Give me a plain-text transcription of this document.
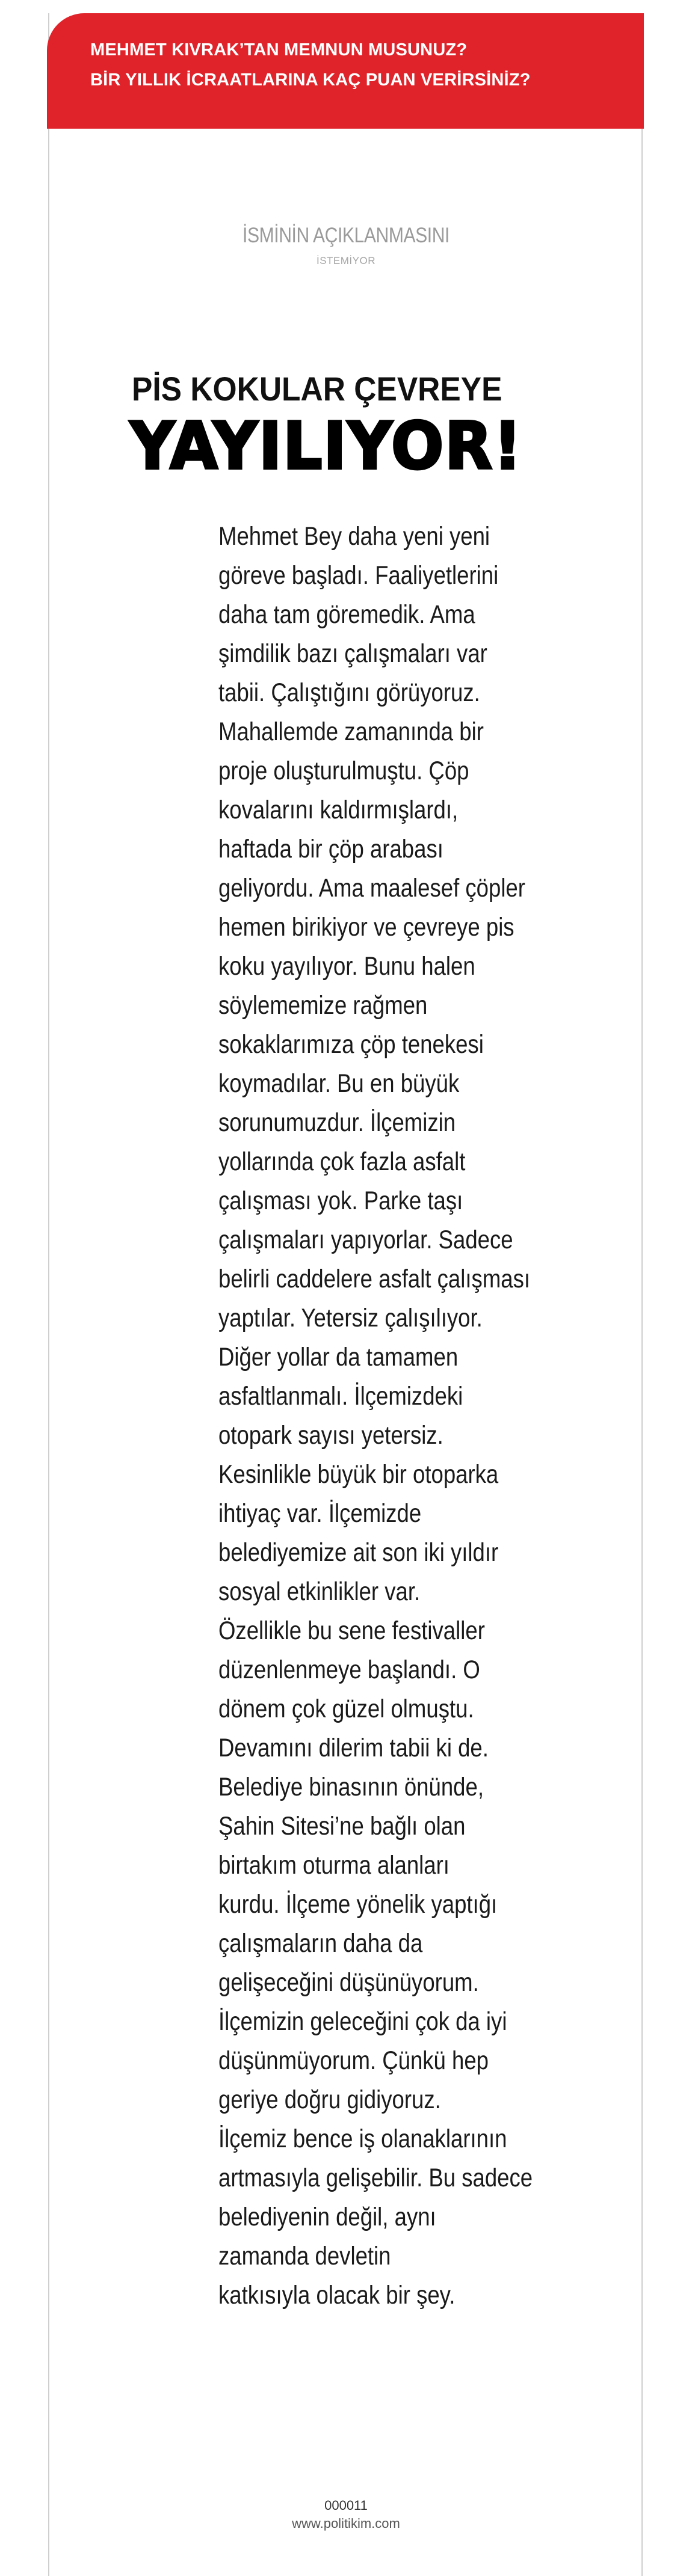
MEHMET KIVRAK’TAN MEMNUN MUSUNUZ?
BİR YILLIK İCRAATLARINA KAÇ PUAN VERİRSİNİZ?
İSMİNİN AÇIKLANMASINI
İSTEMİYOR
PİS KOKULAR ÇEVREYE
YAYILIYOR!
Mehmet Bey daha yeni yeni
göreve başladı. Faaliyetlerini
daha tam göremedik. Ama
şimdilik bazı çalışmaları var
tabii. Çalıştığını görüyoruz.
Mahallemde zamanında bir
proje oluşturulmuştu. Çöp
kovalarını kaldırmışlardı,
haftada bir çöp arabası
geliyordu. Ama maalesef çöpler
hemen birikiyor ve çevreye pis
koku yayılıyor. Bunu halen
söylememize rağmen
sokaklarımıza çöp tenekesi
koymadılar. Bu en büyük
sorunumuzdur. İlçemizin
yollarında çok fazla asfalt
çalışması yok. Parke taşı
çalışmaları yapıyorlar. Sadece
belirli caddelere asfalt çalışması
yaptılar. Yetersiz çalışılıyor.
Diğer yollar da tamamen
asfaltlanmalı. İlçemizdeki
otopark sayısı yetersiz.
Kesinlikle büyük bir otoparka
ihtiyaç var. İlçemizde
belediyemize ait son iki yıldır
sosyal etkinlikler var.
Özellikle bu sene festivaller
düzenlenmeye başlandı. O
dönem çok güzel olmuştu.
Devamını dilerim tabii ki de.
Belediye binasının önünde,
Şahin Sitesi’ne bağlı olan
birtakım oturma alanları
kurdu. İlçeme yönelik yaptığı
çalışmaların daha da
gelişeceğini düşünüyorum.
İlçemizin geleceğini çok da iyi
düşünmüyorum. Çünkü hep
geriye doğru gidiyoruz.
İlçemiz bence iş olanaklarının
artmasıyla gelişebilir. Bu sadece
belediyenin değil, aynı
zamanda devletin
katkısıyla olacak bir şey.
000011
www.politikim.com
